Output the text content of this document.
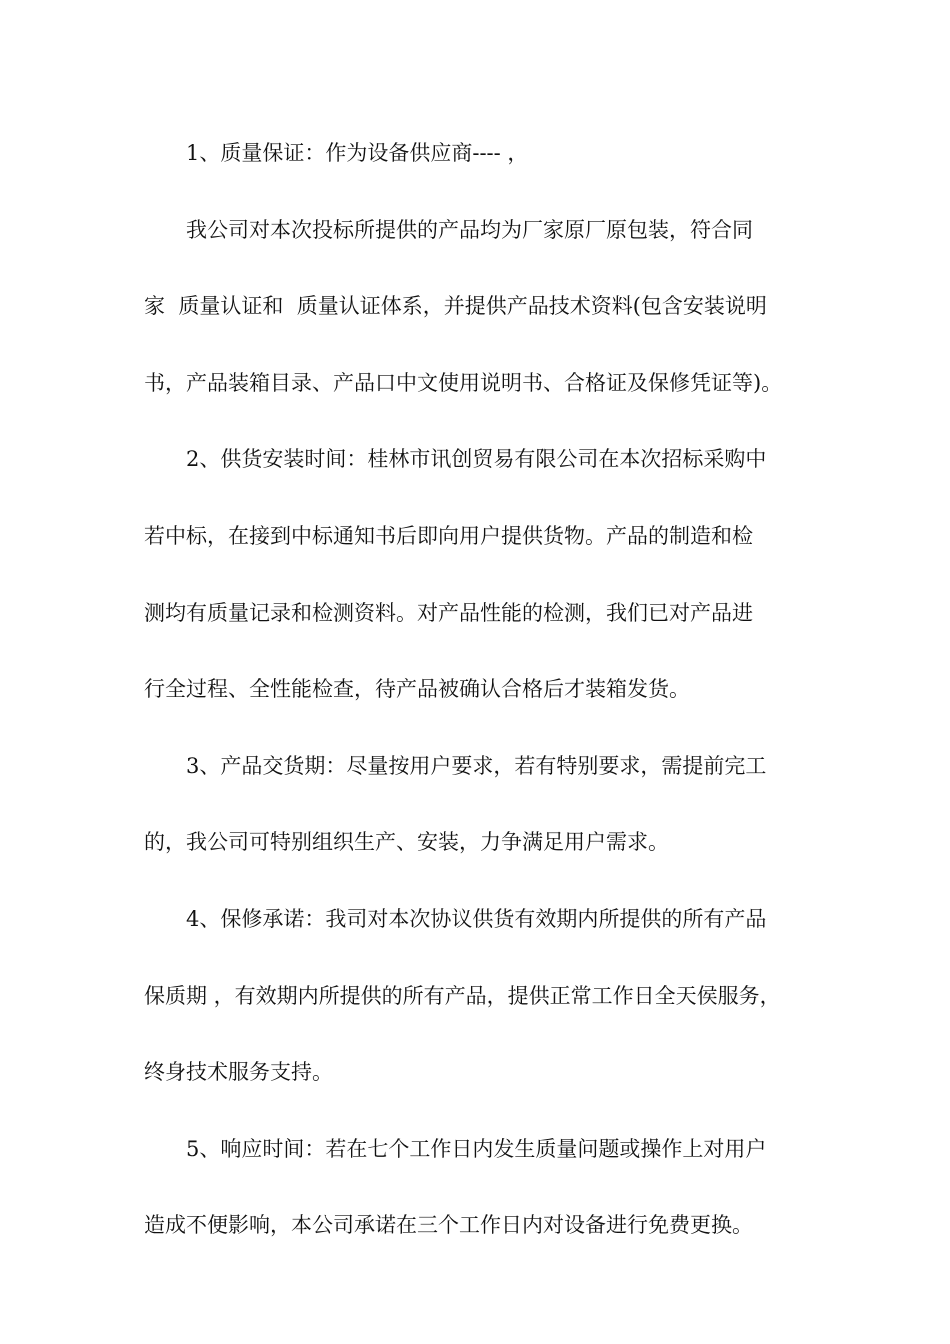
1、质量保证：作为设备供应商---- ，
我公司对本次投标所提供的产品均为厂家原厂原包装，符合同
家  质量认证和  质量认证体系，并提供产品技术资料(包含安装说明
书，产品装箱目录、产品口中文使用说明书、合格证及保修凭证等)。
2、供货安装时间：桂林市讯创贸易有限公司在本次招标采购中
若中标，在接到中标通知书后即向用户提供货物。产品的制造和检
测均有质量记录和检测资料。对产品性能的检测，我们已对产品进
行全过程、全性能检查，待产品被确认合格后才装箱发货。
3、产品交货期：尽量按用户要求，若有特别要求，需提前完工
的，我公司可特别组织生产、安装，力争满足用户需求。
4、保修承诺：我司对本次协议供货有效期内所提供的所有产品
保质期 ，有效期内所提供的所有产品，提供正常工作日全天侯服务，
终身技术服务支持。
5、响应时间：若在七个工作日内发生质量问题或操作上对用户
造成不便影响，本公司承诺在三个工作日内对设备进行免费更换。
